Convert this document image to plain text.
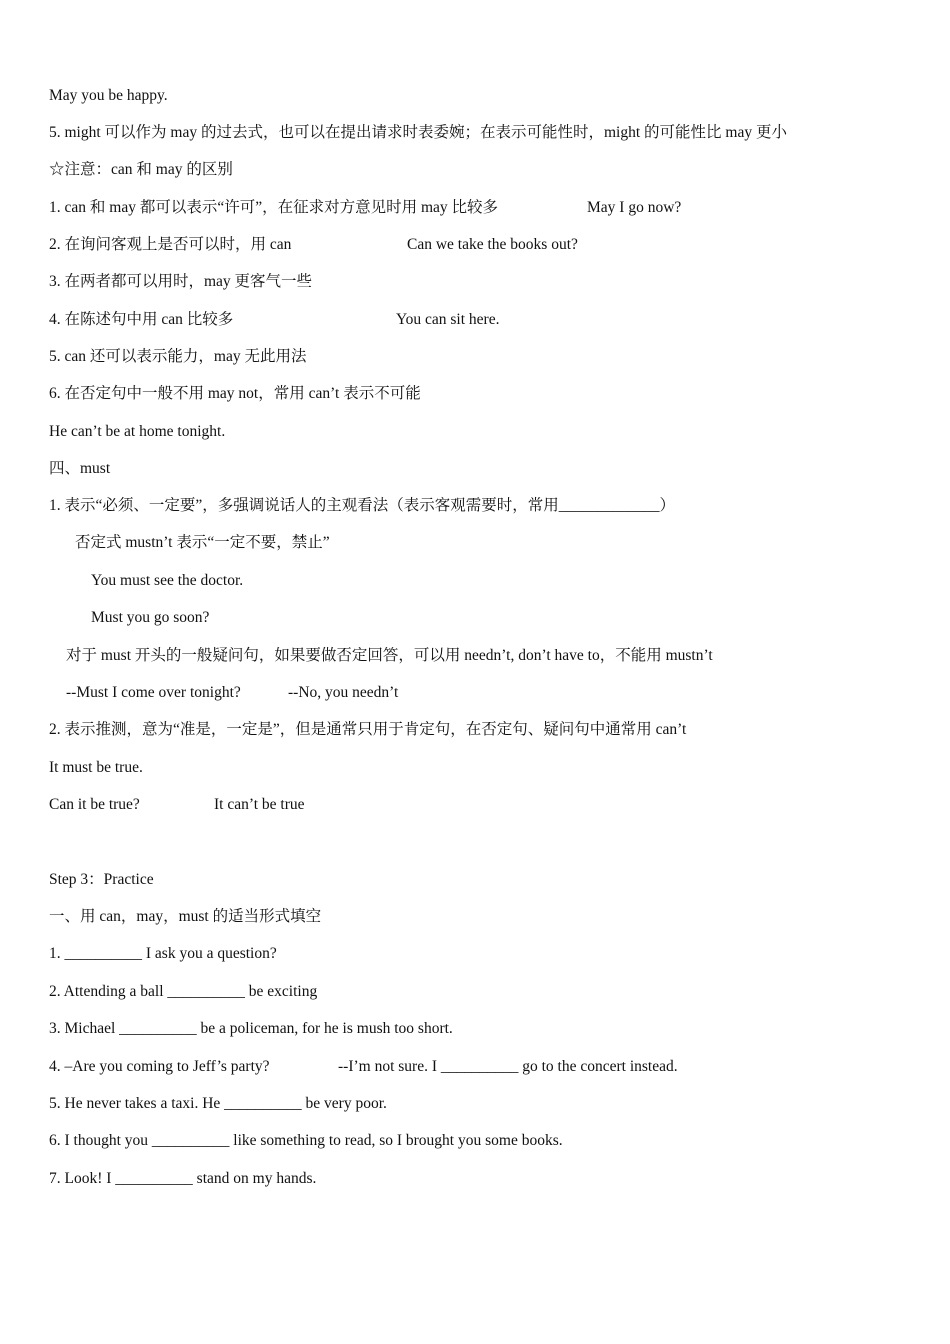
May you be happy.
5. might 可以作为 may 的过去式，也可以在提出请求时表委婉；在表示可能性时，might 的可能性比 may 更小
☆注意：can 和 may 的区别
1. can 和 may 都可以表示“许可”，在征求对方意见时用 may 比较多	May I go now?
2. 在询问客观上是否可以时，用 can	Can we take the books out?
3. 在两者都可以用时，may 更客气一些
4. 在陈述句中用 can 比较多	You can sit here.
5. can 还可以表示能力，may 无此用法
6. 在否定句中一般不用 may not，常用 can’t 表示不可能
He can’t be at home tonight.
四、must
1. 表示“必须、一定要”，多强调说话人的主观看法（表示客观需要时，常用_____________）
否定式 mustn’t 表示“一定不要，禁止”
You must see the doctor.
Must you go soon?
对于 must 开头的一般疑问句，如果要做否定回答，可以用 needn’t, don’t have to，不能用 mustn’t
--Must I come over tonight?	--No, you needn’t
2. 表示推测，意为“准是，一定是”，但是通常只用于肯定句，在否定句、疑问句中通常用 can’t
It must be true.
Can it be true?	It can’t be true
Step 3：Practice
一、用 can，may，must 的适当形式填空
1. __________ I ask you a question?
2. Attending a ball __________ be exciting
3. Michael __________ be a policeman, for he is mush too short.
4. –Are you coming to Jeff’s party?	--I’m not sure. I __________ go to the concert instead.
5. He never takes a taxi. He __________ be very poor.
6. I thought you __________ like something to read, so I brought you some books.
7. Look! I __________ stand on my hands.
